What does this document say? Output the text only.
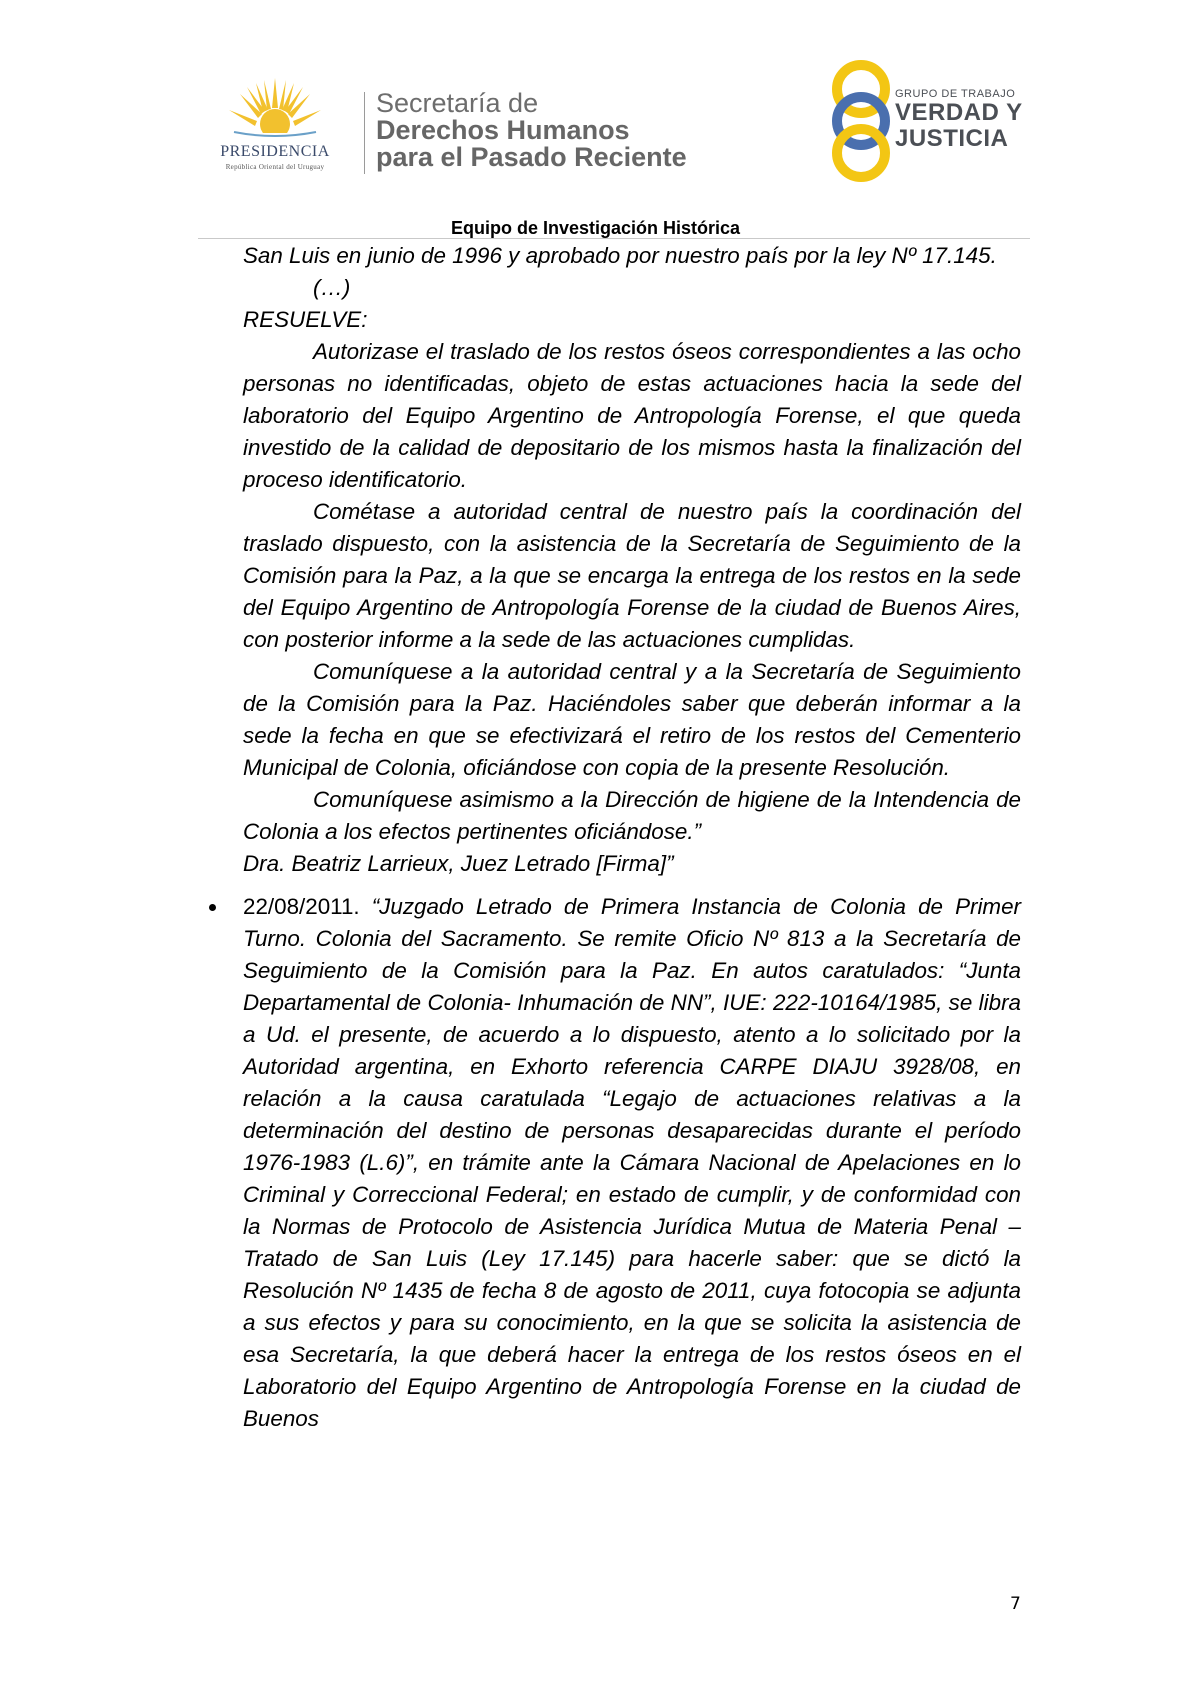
PRESIDENCIA
República Oriental del Uruguay
Secretaría de
Derechos Humanos
para el Pasado Reciente
GRUPO DE TRABAJO
VERDAD Y
JUSTICIA
Equipo de Investigación Histórica

San Luis en junio de 1996 y aprobado por nuestro país por la ley Nº 17.145.

(…)

RESUELVE:

Autorizase el traslado de los restos óseos correspondientes a las ocho personas no identificadas, objeto de estas actuaciones hacia la sede del laboratorio del Equipo Argentino de Antropología Forense, el que queda investido de la calidad de depositario de los mismos hasta la finalización del proceso identificatorio.

Cométase a autoridad central de nuestro país la coordinación del traslado dispuesto, con la asistencia de la Secretaría de Seguimiento de la Comisión para la Paz, a la que se encarga la entrega de los restos en la sede del Equipo Argentino de Antropología Forense de la ciudad de Buenos Aires, con posterior informe a la sede de las actuaciones cumplidas.

Comuníquese a la autoridad central y a la Secretaría de Seguimiento de la Comisión para la Paz. Haciéndoles saber que deberán informar a la sede la fecha en que se efectivizará el retiro de los restos del Cementerio Municipal de Colonia, oficiándose con copia de la presente Resolución.

Comuníquese asimismo a la Dirección de higiene de la Intendencia de Colonia a los efectos pertinentes oficiándose.”

Dra. Beatriz Larrieux, Juez Letrado [Firma]”

22/08/2011. “Juzgado Letrado de Primera Instancia de Colonia de Primer Turno. Colonia del Sacramento. Se remite Oficio Nº 813 a la Secretaría de Seguimiento de la Comisión para la Paz. En autos caratulados: “Junta Departamental de Colonia- Inhumación de NN”, IUE: 222-10164/1985, se libra a Ud. el presente, de acuerdo a lo dispuesto, atento a lo solicitado por la Autoridad argentina, en Exhorto referencia CARPE DIAJU 3928/08, en relación a la causa caratulada “Legajo de actuaciones relativas a la determinación del destino de personas desaparecidas durante el período 1976-1983 (L.6)”, en trámite ante la Cámara Nacional de Apelaciones en lo Criminal y Correccional Federal; en estado de cumplir, y de conformidad con la Normas de Protocolo de Asistencia Jurídica Mutua de Materia Penal – Tratado de San Luis (Ley 17.145) para hacerle saber: que se dictó la Resolución Nº 1435 de fecha 8 de agosto de 2011, cuya fotocopia se adjunta a sus efectos y para su conocimiento, en la que se solicita la asistencia de esa Secretaría, la que deberá hacer la entrega de los restos óseos en el Laboratorio del Equipo Argentino de Antropología Forense en la ciudad de Buenos

7
